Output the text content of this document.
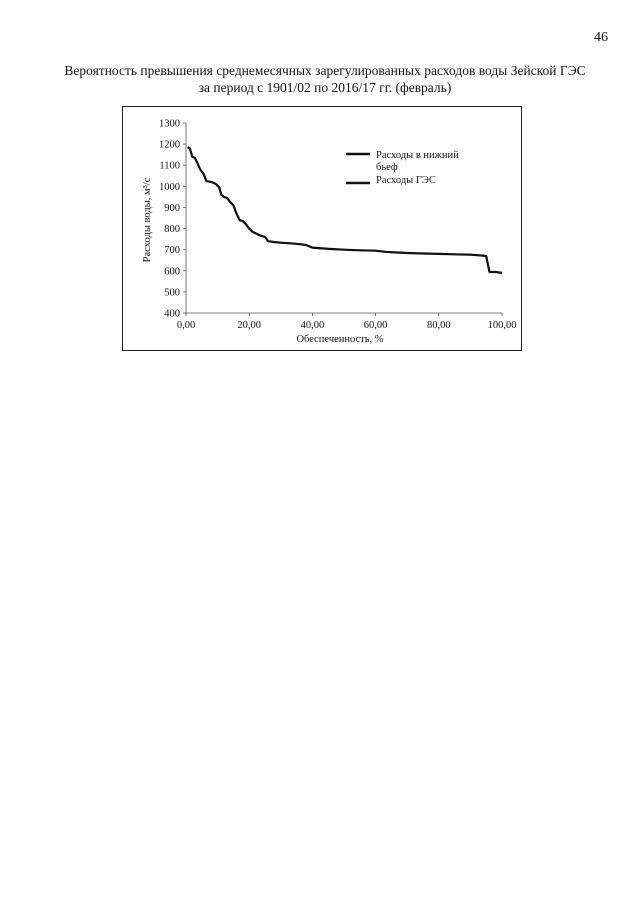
46
Вероятность превышения среднемесячных зарегулированных расходов воды Зейской ГЭС
за период с 1901/02 по 2016/17 гг. (февраль)
400
500
600
700
800
900
1000
1100
1200
1300
0,00	20,00	40,00	60,00	80,00	100,00
Расходы в нижний
бьеф
Расходы ГЭС
Обеспеченность, %
Расходы воды, м³/с
